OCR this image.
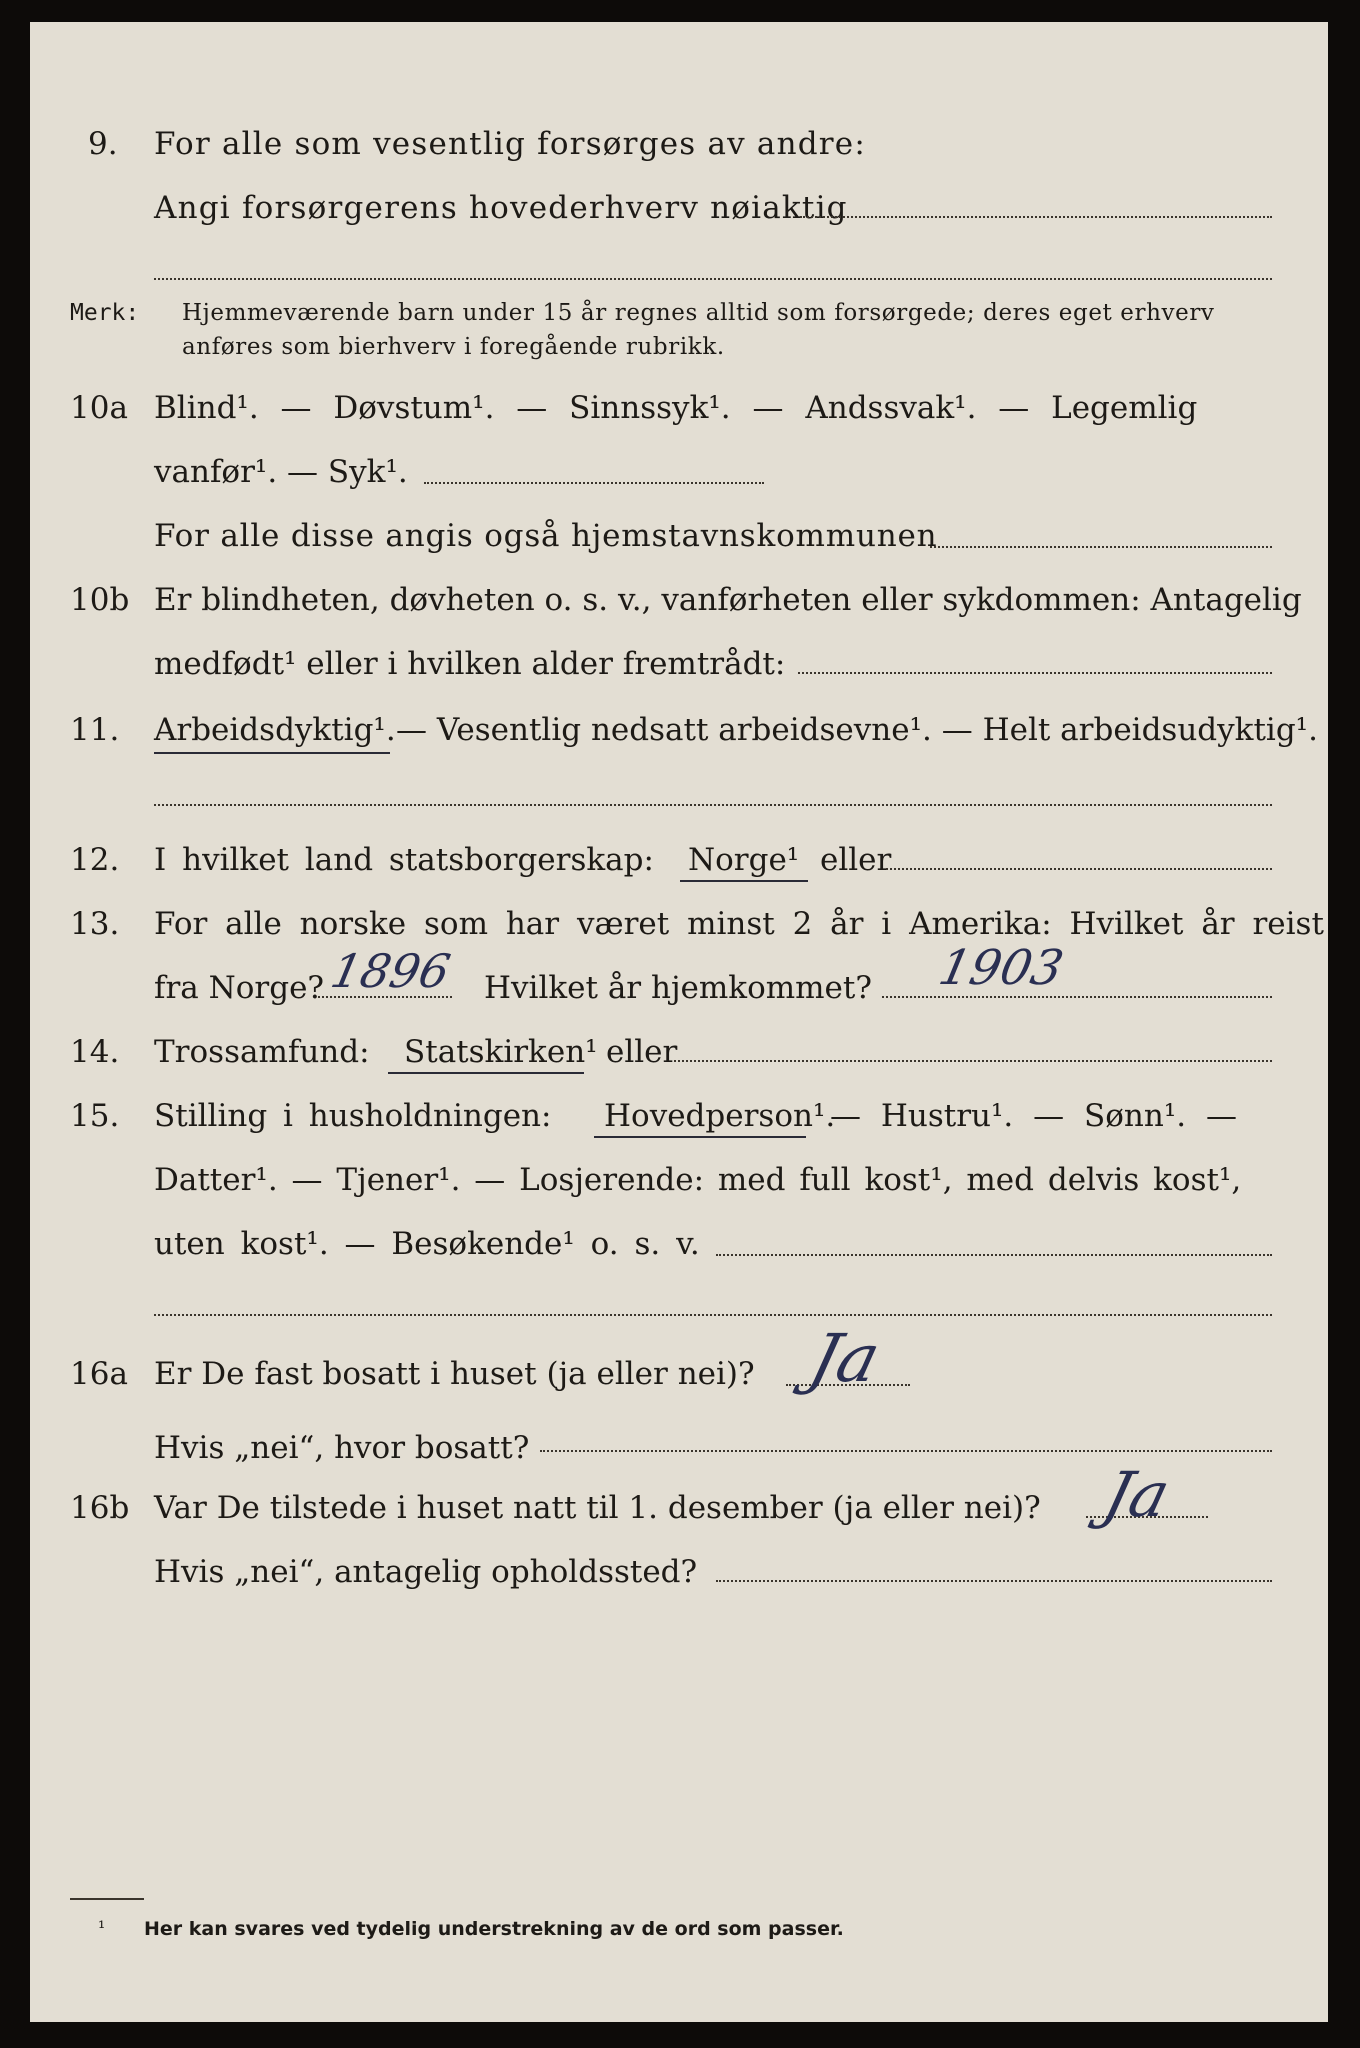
9. For alle som vesentlig forsørges av andre:
Angi forsørgerens hovederhverv nøiaktig
Merk: Hjemmeværende barn under 15 år regnes alltid som forsørgede; deres eget erhverv
anføres som bierhverv i foregående rubrikk.
10a Blind¹. — Døvstum¹. — Sinnssyk¹. — Andssvak¹. — Legemlig
vanfør¹. — Syk¹.
For alle disse angis også hjemstavnskommunen
10b Er blindheten, døvheten o. s. v., vanførheten eller sykdommen: Antagelig
medfødt¹ eller i hvilken alder fremtrådt:
11. Arbeidsdyktig¹. — Vesentlig nedsatt arbeidsevne¹. — Helt arbeidsudyktig¹.
12. I hvilket land statsborgerskap: Norge¹ eller
13. For alle norske som har været minst 2 år i Amerika: Hvilket år reist
fra Norge? 1896 Hvilket år hjemkommet? 1903
14. Trossamfund: Statskirken¹ eller
15. Stilling i husholdningen: Hovedperson¹.
— Hustru¹. — Sønn¹. —
Datter¹. — Tjener¹. — Losjerende: med full kost¹, med delvis kost¹,
uten kost¹. — Besøkende¹ o. s. v.
16a Er De fast bosatt i huset (ja eller nei)? Ja
Hvis „nei“, hvor bosatt?
16b Var De tilstede i huset natt til 1. desember (ja eller nei)? Ja
Hvis „nei“, antagelig opholdssted?
¹ Her kan svares ved tydelig understrekning av de ord som passer.
